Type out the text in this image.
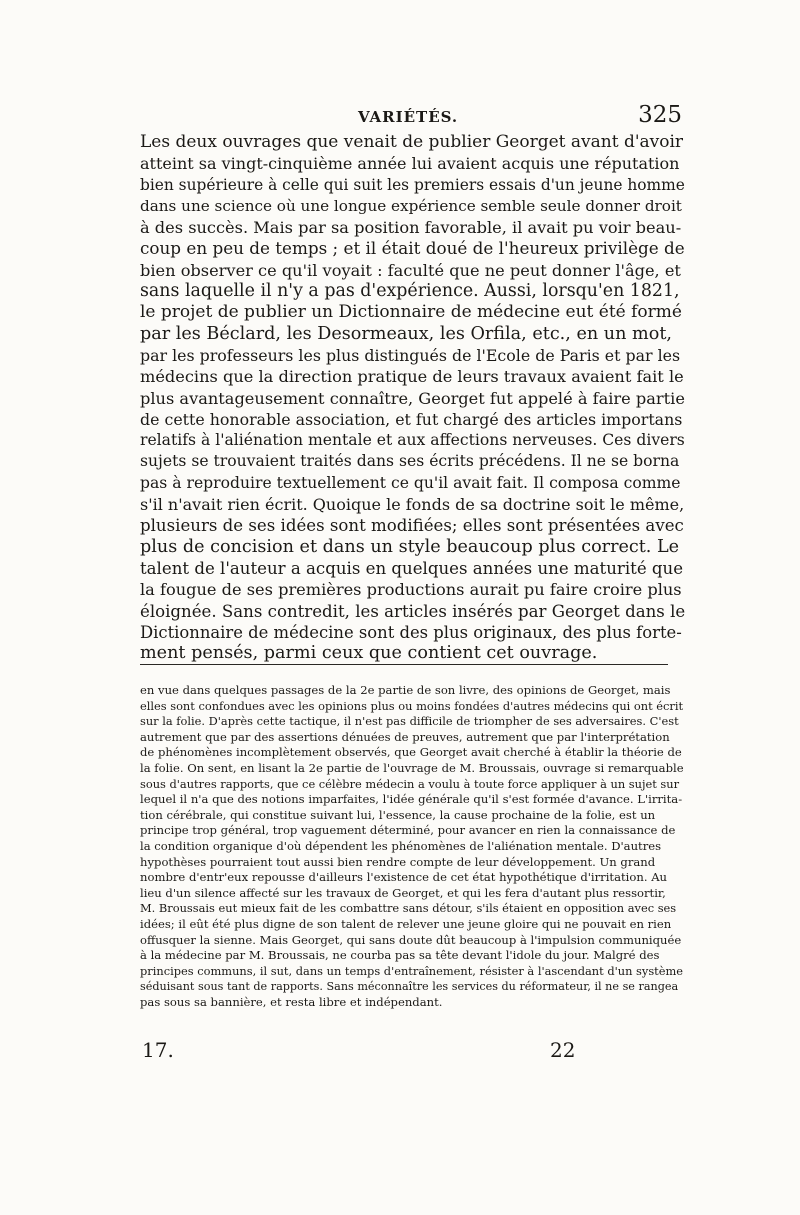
VARIÉTÉS.	325
Les deux ouvrages que venait de publier Georget avant d'avoir
atteint sa vingt-cinquième année lui avaient acquis une réputation
bien supérieure à celle qui suit les premiers essais d'un jeune homme
dans une science où une longue expérience semble seule donner droit
à des succès. Mais par sa position favorable, il avait pu voir beau-
coup en peu de temps ; et il était doué de l'heureux privilège de
bien observer ce qu'il voyait : faculté que ne peut donner l'âge, et
sans laquelle il n'y a pas d'expérience. Aussi, lorsqu'en 1821,
le projet de publier un Dictionnaire de médecine eut été formé
par les Béclard, les Desormeaux, les Orfila, etc., en un mot,
par les professeurs les plus distingués de l'Ecole de Paris et par les
médecins que la direction pratique de leurs travaux avaient fait le
plus avantageusement connaître, Georget fut appelé à faire partie
de cette honorable association, et fut chargé des articles importans
relatifs à l'aliénation mentale et aux affections nerveuses. Ces divers
sujets se trouvaient traités dans ses écrits précédens. Il ne se borna
pas à reproduire textuellement ce qu'il avait fait. Il composa comme
s'il n'avait rien écrit. Quoique le fonds de sa doctrine soit le même,
plusieurs de ses idées sont modifiées; elles sont présentées avec
plus de concision et dans un style beaucoup plus correct. Le
talent de l'auteur a acquis en quelques années une maturité que
la fougue de ses premières productions aurait pu faire croire plus
éloignée. Sans contredit, les articles insérés par Georget dans le
Dictionnaire de médecine sont des plus originaux, des plus forte-
ment pensés, parmi ceux que contient cet ouvrage.
en vue dans quelques passages de la 2e partie de son livre, des opinions de Georget, mais
elles sont confondues avec les opinions plus ou moins fondées d'autres médecins qui ont écrit
sur la folie. D'après cette tactique, il n'est pas difficile de triompher de ses adversaires. C'est
autrement que par des assertions dénuées de preuves, autrement que par l'interprétation
de phénomènes incomplètement observés, que Georget avait cherché à établir la théorie de
la folie. On sent, en lisant la 2e partie de l'ouvrage de M. Broussais, ouvrage si remarquable
sous d'autres rapports, que ce célèbre médecin a voulu à toute force appliquer à un sujet sur
lequel il n'a que des notions imparfaites, l'idée générale qu'il s'est formée d'avance. L'irrita-
tion cérébrale, qui constitue suivant lui, l'essence, la cause prochaine de la folie, est un
principe trop général, trop vaguement déterminé, pour avancer en rien la connaissance de
la condition organique d'où dépendent les phénomènes de l'aliénation mentale. D'autres
hypothèses pourraient tout aussi bien rendre compte de leur développement. Un grand
nombre d'entr'eux repousse d'ailleurs l'existence de cet état hypothétique d'irritation. Au
lieu d'un silence affecté sur les travaux de Georget, et qui les fera d'autant plus ressortir,
M. Broussais eut mieux fait de les combattre sans détour, s'ils étaient en opposition avec ses
idées; il eût été plus digne de son talent de relever une jeune gloire qui ne pouvait en rien
offusquer la sienne. Mais Georget, qui sans doute dût beaucoup à l'impulsion communiquée
à la médecine par M. Broussais, ne courba pas sa tête devant l'idole du jour. Malgré des
principes communs, il sut, dans un temps d'entraînement, résister à l'ascendant d'un système
séduisant sous tant de rapports. Sans méconnaître les services du réformateur, il ne se rangea
pas sous sa bannière, et resta libre et indépendant.
17.	22
